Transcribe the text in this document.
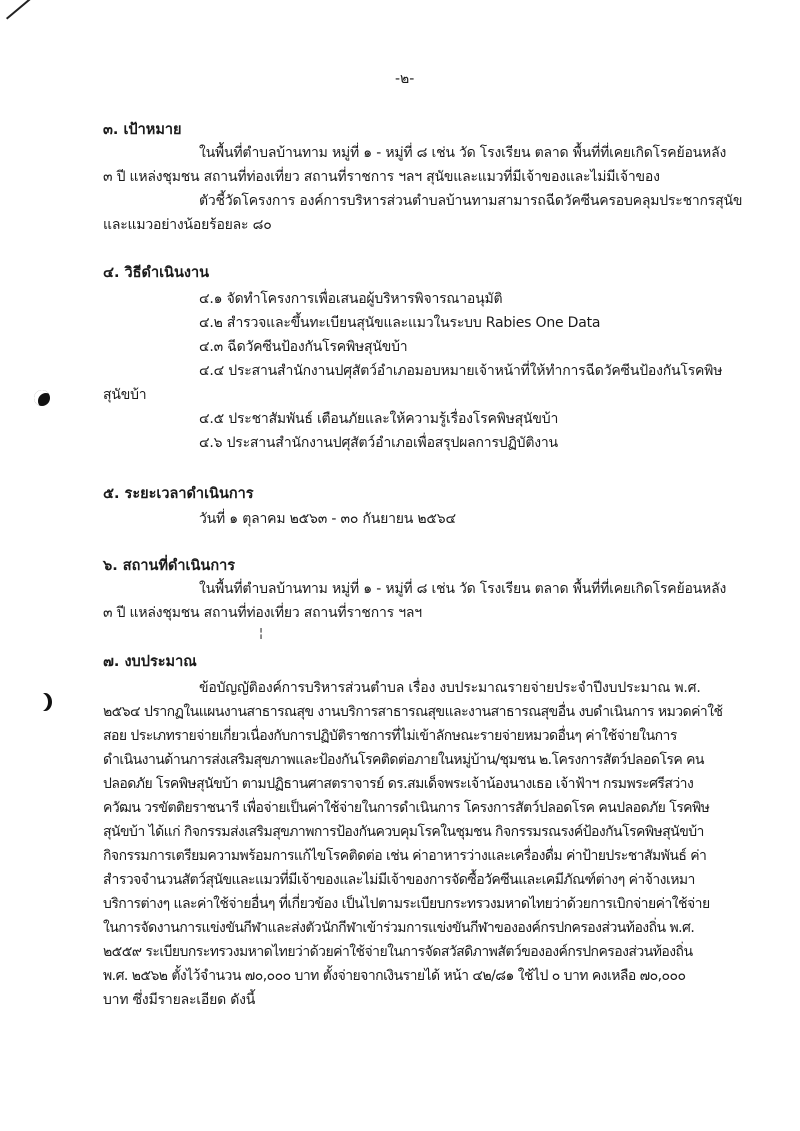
¦
-๒-
๓. เป้าหมาย
ในพื้นที่ตำบลบ้านทาม หมู่ที่ ๑ - หมู่ที่ ๘ เช่น วัด โรงเรียน ตลาด พื้นที่ที่เคยเกิดโรคย้อนหลัง
๓ ปี แหล่งชุมชน สถานที่ท่องเที่ยว สถานที่ราชการ ฯลฯ สุนัขและแมวที่มีเจ้าของและไม่มีเจ้าของ
ตัวชี้วัดโครงการ องค์การบริหารส่วนตำบลบ้านทามสามารถฉีดวัคซีนครอบคลุมประชากรสุนัข
และแมวอย่างน้อยร้อยละ ๘๐
๔. วิธีดำเนินงาน
๔.๑ จัดทำโครงการเพื่อเสนอผู้บริหารพิจารณาอนุมัติ
๔.๒ สำรวจและขึ้นทะเบียนสุนัขและแมวในระบบ Rabies One Data
๔.๓ ฉีดวัคซีนป้องกันโรคพิษสุนัขบ้า
๔.๔ ประสานสำนักงานปศุสัตว์อำเภอมอบหมายเจ้าหน้าที่ให้ทำการฉีดวัคซีนป้องกันโรคพิษ
สุนัขบ้า
๔.๕ ประชาสัมพันธ์ เตือนภัยและให้ความรู้เรื่องโรคพิษสุนัขบ้า
๔.๖ ประสานสำนักงานปศุสัตว์อำเภอเพื่อสรุปผลการปฏิบัติงาน
๕. ระยะเวลาดำเนินการ
วันที่ ๑ ตุลาคม ๒๕๖๓ - ๓๐ กันยายน ๒๕๖๔
๖. สถานที่ดำเนินการ
ในพื้นที่ตำบลบ้านทาม หมู่ที่ ๑ - หมู่ที่ ๘ เช่น วัด โรงเรียน ตลาด พื้นที่ที่เคยเกิดโรคย้อนหลัง
๓ ปี แหล่งชุมชน สถานที่ท่องเที่ยว สถานที่ราชการ ฯลฯ
๗. งบประมาณ
ข้อบัญญัติองค์การบริหารส่วนตำบล เรื่อง งบประมาณรายจ่ายประจำปีงบประมาณ พ.ศ.
๒๕๖๔ ปรากฏในแผนงานสาธารณสุข งานบริการสาธารณสุขและงานสาธารณสุขอื่น งบดำเนินการ หมวดค่าใช้
สอย ประเภทรายจ่ายเกี่ยวเนื่องกับการปฏิบัติราชการที่ไม่เข้าลักษณะรายจ่ายหมวดอื่นๆ ค่าใช้จ่ายในการ
ดำเนินงานด้านการส่งเสริมสุขภาพและป้องกันโรคติดต่อภายในหมู่บ้าน/ชุมชน ๒.โครงการสัตว์ปลอดโรค คน
ปลอดภัย โรคพิษสุนัขบ้า ตามปฏิธานศาสตราจารย์ ดร.สมเด็จพระเจ้าน้องนางเธอ เจ้าฟ้าฯ กรมพระศรีสว่าง
ควัฒน วรขัตติยราชนารี เพื่อจ่ายเป็นค่าใช้จ่ายในการดำเนินการ โครงการสัตว์ปลอดโรค คนปลอดภัย โรคพิษ
สุนัขบ้า ได้แก่ กิจกรรมส่งเสริมสุขภาพการป้องกันควบคุมโรคในชุมชน กิจกรรมรณรงค์ป้องกันโรคพิษสุนัขบ้า
กิจกรรมการเตรียมความพร้อมการแก้ไขโรคติดต่อ เช่น ค่าอาหารว่างและเครื่องดื่ม ค่าป้ายประชาสัมพันธ์ ค่า
สำรวจจำนวนสัตว์สุนัขและแมวที่มีเจ้าของและไม่มีเจ้าของการจัดซื้อวัคซีนและเคมีภัณฑ์ต่างๆ ค่าจ้างเหมา
บริการต่างๆ และค่าใช้จ่ายอื่นๆ ที่เกี่ยวข้อง เป็นไปตามระเบียบกระทรวงมหาดไทยว่าด้วยการเบิกจ่ายค่าใช้จ่าย
ในการจัดงานการแข่งขันกีฬาและส่งตัวนักกีฬาเข้าร่วมการแข่งขันกีฬาขององค์กรปกครองส่วนท้องถิ่น พ.ศ.
๒๕๕๙ ระเบียบกระทรวงมหาดไทยว่าด้วยค่าใช้จ่ายในการจัดสวัสดิภาพสัตว์ขององค์กรปกครองส่วนท้องถิ่น
พ.ศ. ๒๕๖๒ ตั้งไว้จำนวน ๗๐,๐๐๐ บาท ตั้งจ่ายจากเงินรายได้ หน้า ๔๒/๘๑ ใช้ไป ๐ บาท คงเหลือ ๗๐,๐๐๐
บาท ซึ่งมีรายละเอียด ดังนี้
